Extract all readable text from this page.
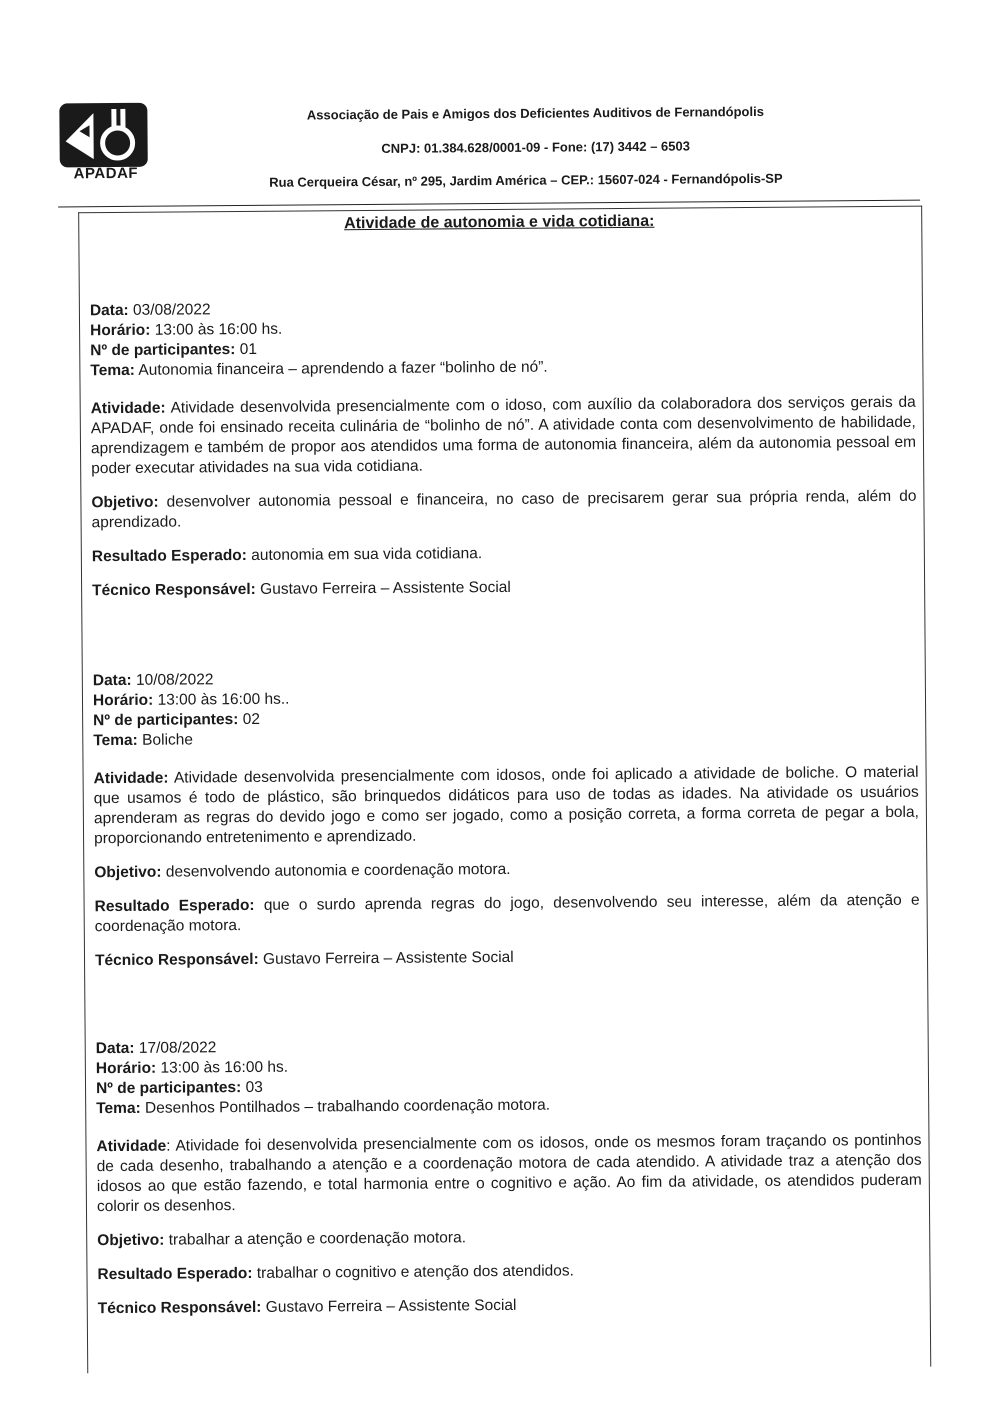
APADAF
Associação de Pais e Amigos dos Deficientes Auditivos de Fernandópolis
CNPJ: 01.384.628/0001-09 - Fone: (17) 3442 – 6503
Rua Cerqueira César, nº 295, Jardim América – CEP.: 15607-024 - Fernandópolis-SP
Atividade de autonomia e vida cotidiana:

Data: 03/08/2022

Horário: 13:00 às 16:00 hs.

Nº de participantes: 01

Tema: Autonomia financeira – aprendendo a fazer “bolinho de nó”.

Atividade: Atividade desenvolvida presencialmente com o idoso, com auxílio da colaboradora dos serviços gerais da APADAF, onde foi ensinado receita culinária de “bolinho de nó”. A atividade conta com desenvolvimento de habilidade, aprendizagem e também de propor aos atendidos uma forma de autonomia financeira, além da autonomia pessoal em poder executar atividades na sua vida cotidiana.

Objetivo: desenvolver autonomia pessoal e financeira, no caso de precisarem gerar sua própria renda, além do aprendizado.

Resultado Esperado: autonomia em sua vida cotidiana.

Técnico Responsável: Gustavo Ferreira – Assistente Social

Data: 10/08/2022

Horário: 13:00 às 16:00 hs..

Nº de participantes: 02

Tema: Boliche

Atividade: Atividade desenvolvida presencialmente com idosos, onde foi aplicado a atividade de boliche. O material que usamos é todo de plástico, são brinquedos didáticos para uso de todas as idades. Na atividade os usuários aprenderam as regras do devido jogo e como ser jogado, como a posição correta, a forma correta de pegar a bola, proporcionando entretenimento e aprendizado.

Objetivo: desenvolvendo autonomia e coordenação motora.

Resultado Esperado: que o surdo aprenda regras do jogo, desenvolvendo seu interesse, além da atenção e coordenação motora.

Técnico Responsável: Gustavo Ferreira – Assistente Social

Data: 17/08/2022

Horário: 13:00 às 16:00 hs.

Nº de participantes: 03

Tema: Desenhos Pontilhados – trabalhando coordenação motora.

Atividade: Atividade foi desenvolvida presencialmente com os idosos, onde os mesmos foram traçando os pontinhos de cada desenho, trabalhando a atenção e a coordenação motora de cada atendido. A atividade traz a atenção dos idosos ao que estão fazendo, e total harmonia entre o cognitivo e ação. Ao fim da atividade, os atendidos puderam colorir os desenhos.

Objetivo: trabalhar a atenção e coordenação motora.

Resultado Esperado: trabalhar o cognitivo e atenção dos atendidos.

Técnico Responsável: Gustavo Ferreira – Assistente Social
